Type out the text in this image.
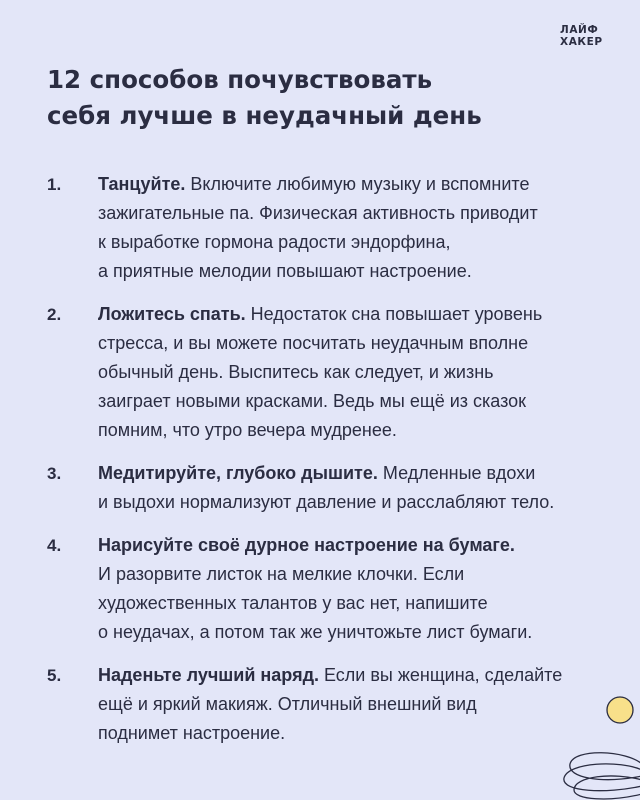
ЛАЙФ
ХАКЕР
12 способов почувствовать
себя лучше в неудачный день
1.	Танцуйте. Включите любимую музыку и вспомните
зажигательные па. Физическая активность приводит
к выработке гормона радости эндорфина,
а приятные мелодии повышают настроение.
2.	Ложитесь спать. Недостаток сна повышает уровень
стресса, и вы можете посчитать неудачным вполне
обычный день. Выспитесь как следует, и жизнь
заиграет новыми красками. Ведь мы ещё из сказок
помним, что утро вечера мудренее.
3.	Медитируйте, глубоко дышите. Медленные вдохи
и выдохи нормализуют давление и расслабляют тело.
4.	Нарисуйте своё дурное настроение на бумаге.
И разорвите листок на мелкие клочки. Если
художественных талантов у вас нет, напишите
о неудачах, а потом так же уничтожьте лист бумаги.
5.	Наденьте лучший наряд. Если вы женщина, сделайте
ещё и яркий макияж. Отличный внешний вид
поднимет настроение.
